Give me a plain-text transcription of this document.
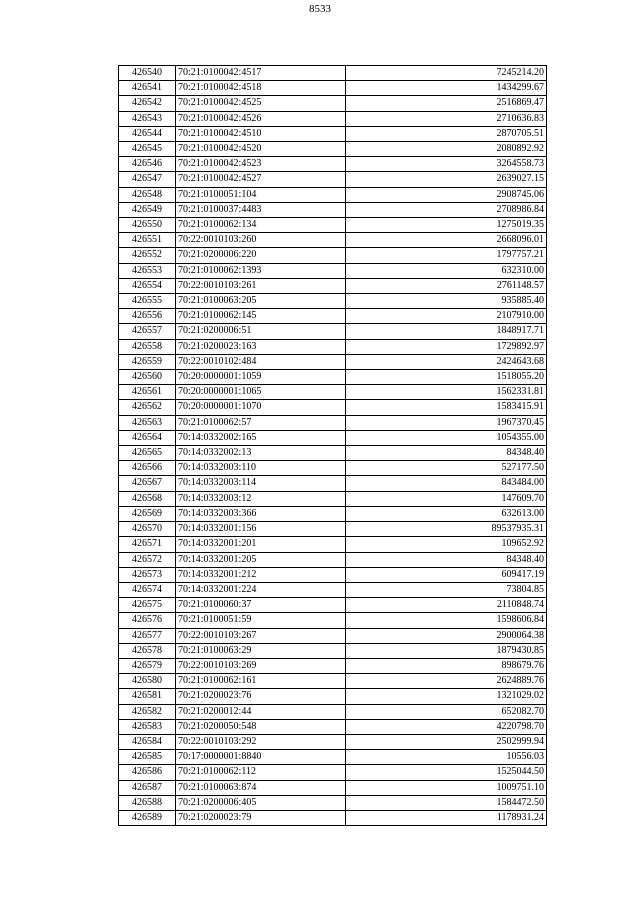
8533
426540	70:21:0100042:4517	7245214.20
426541	70:21:0100042:4518	1434299.67
426542	70:21:0100042:4525	2516869.47
426543	70:21:0100042:4526	2710636.83
426544	70:21:0100042:4510	2870705.51
426545	70:21:0100042:4520	2080892.92
426546	70:21:0100042:4523	3264558.73
426547	70:21:0100042:4527	2639027.15
426548	70:21:0100051:104	2908745.06
426549	70:21:0100037:4483	2708986.84
426550	70:21:0100062:134	1275019.35
426551	70:22:0010103:260	2668096.01
426552	70:21:0200006:220	1797757.21
426553	70:21:0100062:1393	632310.00
426554	70:22:0010103:261	2761148.57
426555	70:21:0100063:205	935885.40
426556	70:21:0100062:145	2107910.00
426557	70:21:0200006:51	1848917.71
426558	70:21:0200023:163	1729892.97
426559	70:22:0010102:484	2424643.68
426560	70:20:0000001:1059	1518055.20
426561	70:20:0000001:1065	1562331.81
426562	70:20:0000001:1070	1583415.91
426563	70:21:0100062:57	1967370.45
426564	70:14:0332002:165	1054355.00
426565	70:14:0332002:13	84348.40
426566	70:14:0332003:110	527177.50
426567	70:14:0332003:114	843484.00
426568	70:14:0332003:12	147609.70
426569	70:14:0332003:366	632613.00
426570	70:14:0332001:156	89537935.31
426571	70:14:0332001:201	109652.92
426572	70:14:0332001:205	84348.40
426573	70:14:0332001:212	609417.19
426574	70:14:0332001:224	73804.85
426575	70:21:0100060:37	2110848.74
426576	70:21:0100051:59	1598606.84
426577	70:22:0010103:267	2900064.38
426578	70:21:0100063:29	1879430.85
426579	70:22:0010103:269	898679.76
426580	70:21:0100062:161	2624889.76
426581	70:21:0200023:76	1321029.02
426582	70:21:0200012:44	652082.70
426583	70:21:0200050:548	4220798.70
426584	70:22:0010103:292	2502999.94
426585	70:17:0000001:8840	10556.03
426586	70:21:0100062:112	1525044.50
426587	70:21:0100063:874	1009751.10
426588	70:21:0200006:405	1584472.50
426589	70:21:0200023:79	1178931.24
